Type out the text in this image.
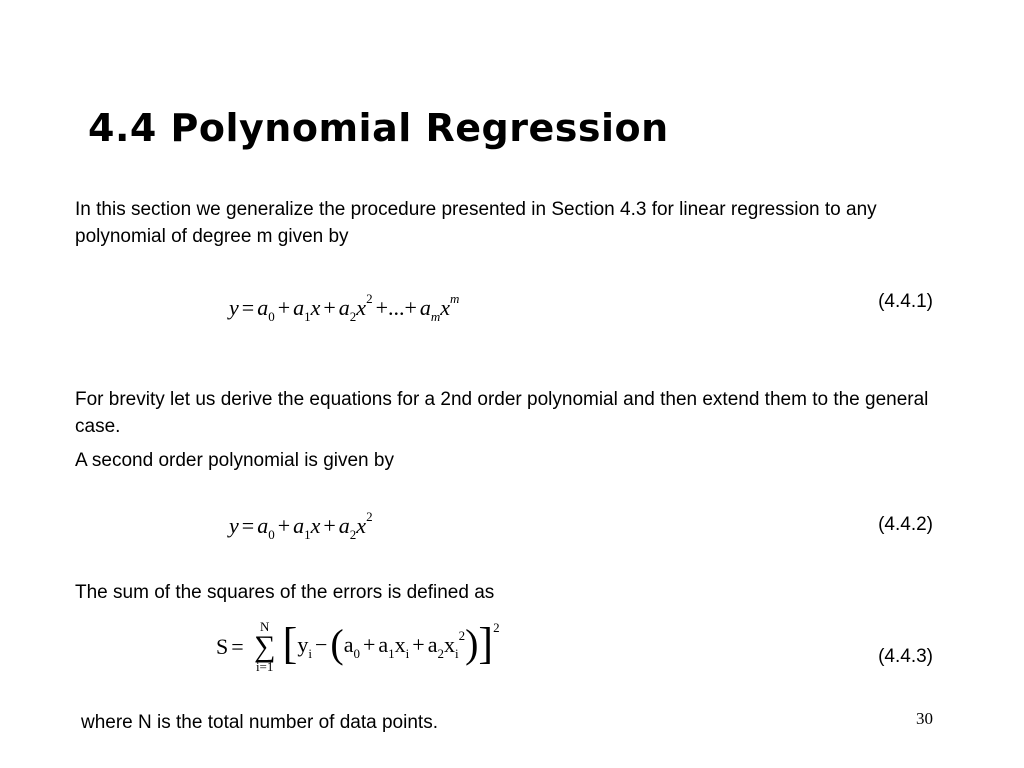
4.4 Polynomial Regression

In this section we generalize the procedure presented in Section 4.3 for linear regression to any polynomial of degree m given by

$y = a_0 + a_1x + a_2x^2$ +...+ $a_mx^m$	(4.4.1)

For brevity let us derive the equations for a 2nd order polynomial and then extend them to the general case.

A second order polynomial is given by

$y = a_0 + a_1x + a_2x^2$	(4.4.2)

The sum of the squares of the errors is defined as

S =
N
∑
i=1 $[y_i -(a_0 + a_1x_i + a_2x_i^2)]^2$
(4.4.3)

where N is the total number of data points.	30
